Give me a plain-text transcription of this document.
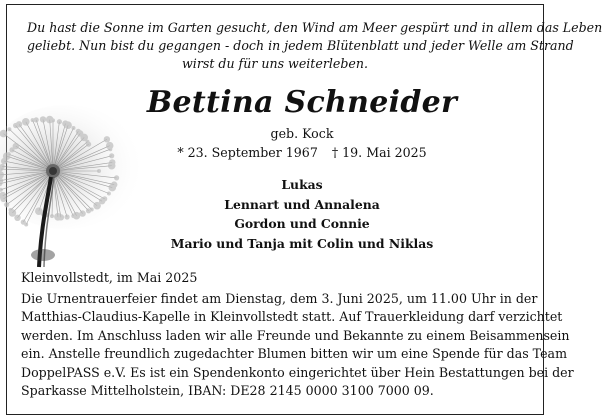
Du hast die Sonne im Garten gesucht, den Wind am Meer gespürt und in allem das Leben
geliebt. Nun bist du gegangen - doch in jedem Blütenblatt und jeder Welle am Strand
wirst du für uns weiterleben.
Bettina Schneider
geb. Kock
* 23. September 1967 † 19. Mai 2025
Lukas
Lennart und Annalena
Gordon und Connie
Mario und Tanja mit Colin und Niklas
Kleinvollstedt, im Mai 2025
Die Urnentrauerfeier findet am Dienstag, dem 3. Juni 2025, um 11.00 Uhr in der
Matthias-Claudius-Kapelle in Kleinvollstedt statt. Auf Trauerkleidung darf verzichtet
werden. Im Anschluss laden wir alle Freunde und Bekannte zu einem Beisammensein
ein. Anstelle freundlich zugedachter Blumen bitten wir um eine Spende für das Team
DoppelPASS e.V. Es ist ein Spendenkonto eingerichtet über Hein Bestattungen bei der
Sparkasse Mittelholstein, IBAN: DE28 2145 0000 3100 7000 09.
